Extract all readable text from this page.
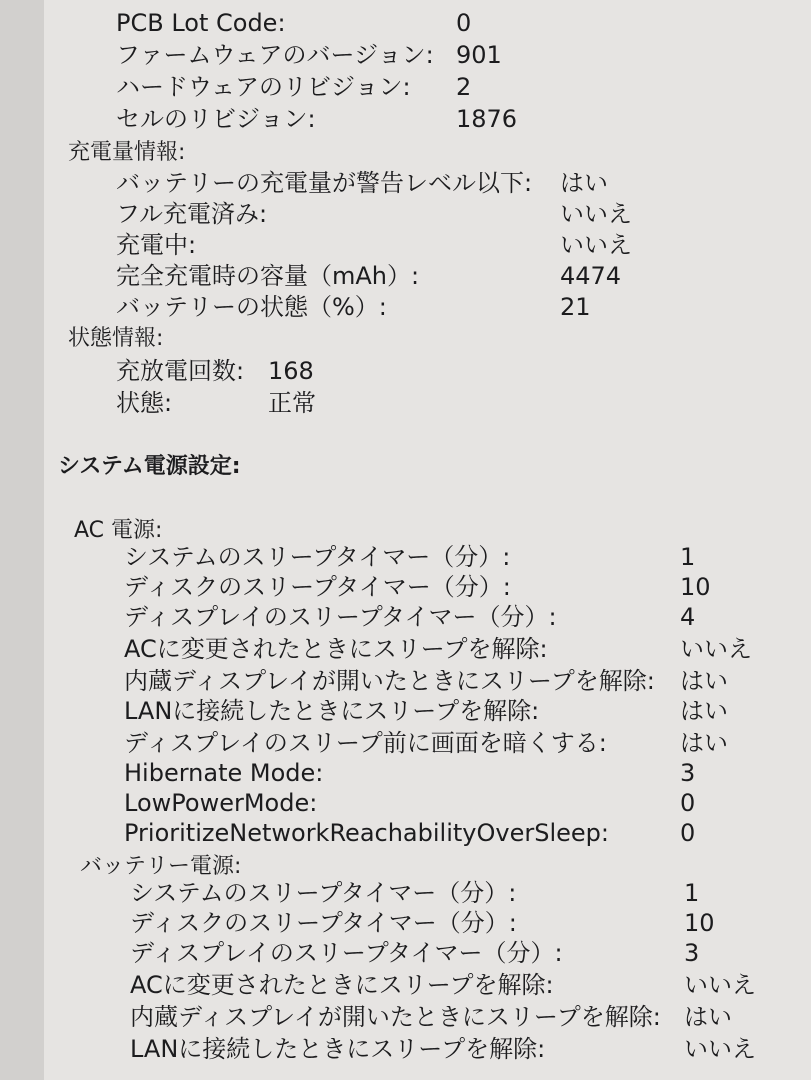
PCB Lot Code:	0
ファームウェアのバージョン: 901
ハードウェアのリビジョン: 2
セルのリビジョン:	1876
充電量情報:
バッテリーの充電量が警告レベル以下: はい
フル充電済み:	いいえ
充電中:	いいえ
完全充電時の容量（mAh）:	4474
バッテリーの状態（%）:	21
状態情報:
充放電回数: 168
状態:	正常
システム電源設定:
AC 電源:
システムのスリープタイマー（分）:	1
ディスクのスリープタイマー（分）:	10
ディスプレイのスリープタイマー（分）:	4
ACに変更されたときにスリープを解除:	いいえ
内蔵ディスプレイが開いたときにスリープを解除: はい
LANに接続したときにスリープを解除:	はい
ディスプレイのスリープ前に画面を暗くする:	はい
Hibernate Mode:	3
LowPowerMode:	0
PrioritizeNetworkReachabilityOverSleep:	0
バッテリー電源:
システムのスリープタイマー（分）:	1
ディスクのスリープタイマー（分）:	10
ディスプレイのスリープタイマー（分）:	3
ACに変更されたときにスリープを解除:	いいえ
内蔵ディスプレイが開いたときにスリープを解除: はい
LANに接続したときにスリープを解除:	いいえ
